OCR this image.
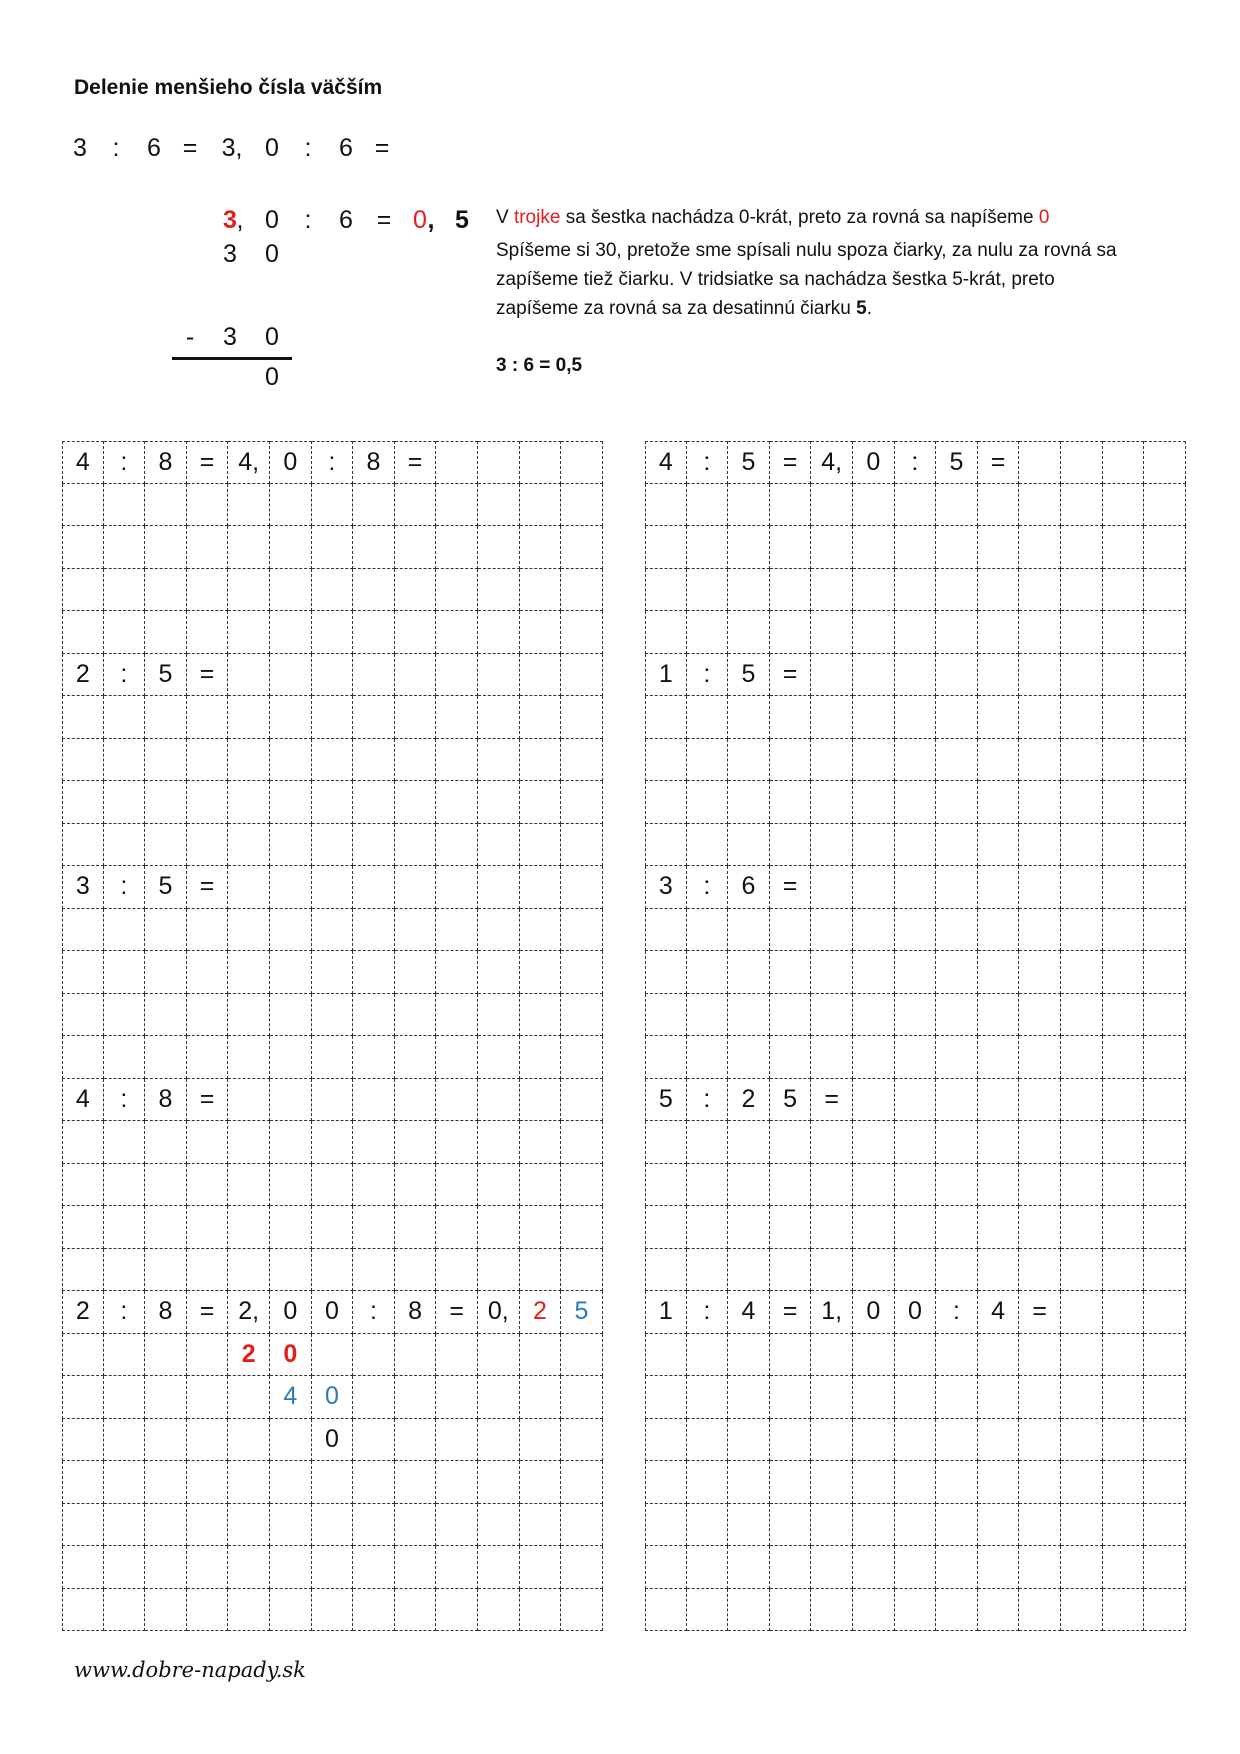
Delenie menšieho čísla väčším
3 : 6 = 3, 0 : 6 =
3 , 0 : 6 = 0 , 5
3 0
- 3 0
0
V trojke sa šestka nachádza 0-krát, preto za rovná sa napíšeme 0
Spíšeme si 30, pretože sme spísali nulu spoza čiarky, za nulu za rovná sa
zapíšeme tiež čiarku. V tridsiatke sa nachádza šestka 5-krát, preto
zapíšeme za rovná sa za desatinnú čiarku 5.
3 : 6 = 0,5
4	:	8	= 4, 0	:	8	=
2	:	5	=
3	:	5	=
4	:	8	=
2	:	8	= 2, 0	0	:	8	= 0, 2	5
2	0
4	0
0
4	:	5	= 4, 0	:	5	=
1	:	5	=
3	:	6	=
5	:	2	5	=
1	:	4	= 1, 0	0	:	4	=
www.dobre-napady.sk
